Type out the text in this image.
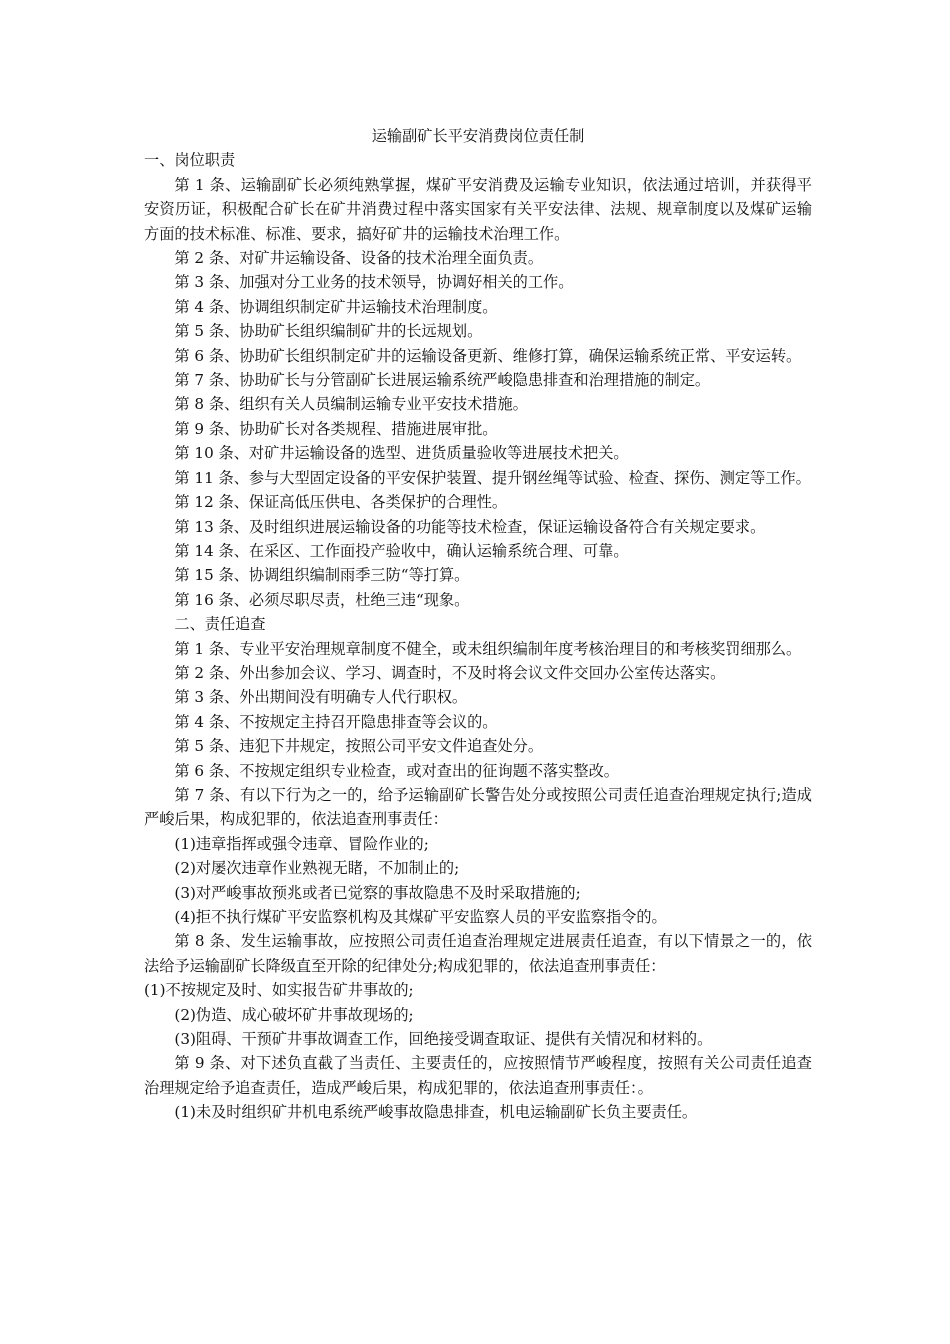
运输副矿长平安消费岗位责任制

一、岗位职责

第 1 条、运输副矿长必须纯熟掌握，煤矿平安消费及运输专业知识，依法通过培训，并获得平安资历证，积极配合矿长在矿井消费过程中落实国家有关平安法律、法规、规章制度以及煤矿运输方面的技术标准、标准、要求，搞好矿井的运输技术治理工作。

第 2 条、对矿井运输设备、设备的技术治理全面负责。

第 3 条、加强对分工业务的技术领导，协调好相关的工作。

第 4 条、协调组织制定矿井运输技术治理制度。

第 5 条、协助矿长组织编制矿井的长远规划。

第 6 条、协助矿长组织制定矿井的运输设备更新、维修打算，确保运输系统正常、平安运转。

第 7 条、协助矿长与分管副矿长进展运输系统严峻隐患排查和治理措施的制定。

第 8 条、组织有关人员编制运输专业平安技术措施。

第 9 条、协助矿长对各类规程、措施进展审批。

第 10 条、对矿井运输设备的选型、进货质量验收等进展技术把关。

第 11 条、参与大型固定设备的平安保护装置、提升钢丝绳等试验、检查、探伤、测定等工作。

第 12 条、保证高低压供电、各类保护的合理性。

第 13 条、及时组织进展运输设备的功能等技术检查，保证运输设备符合有关规定要求。

第 14 条、在采区、工作面投产验收中，确认运输系统合理、可靠。

第 15 条、协调组织编制雨季三防“等打算。

第 16 条、必须尽职尽责，杜绝三违“现象。

二、责任追查

第 1 条、专业平安治理规章制度不健全，或未组织编制年度考核治理目的和考核奖罚细那么。

第 2 条、外出参加会议、学习、调查时，不及时将会议文件交回办公室传达落实。

第 3 条、外出期间没有明确专人代行职权。

第 4 条、不按规定主持召开隐患排查等会议的。

第 5 条、违犯下井规定，按照公司平安文件追查处分。

第 6 条、不按规定组织专业检查，或对查出的征询题不落实整改。

第 7 条、有以下行为之一的，给予运输副矿长警告处分或按照公司责任追查治理规定执行;造成严峻后果，构成犯罪的，依法追查刑事责任：

(1)违章指挥或强令违章、冒险作业的;

(2)对屡次违章作业熟视无睹，不加制止的;

(3)对严峻事故预兆或者已觉察的事故隐患不及时采取措施的;

(4)拒不执行煤矿平安监察机构及其煤矿平安监察人员的平安监察指令的。

第 8 条、发生运输事故，应按照公司责任追查治理规定进展责任追查，有以下情景之一的，依法给予运输副矿长降级直至开除的纪律处分;构成犯罪的，依法追查刑事责任：

(1)不按规定及时、如实报告矿井事故的;

(2)伪造、成心破坏矿井事故现场的;

(3)阻碍、干预矿井事故调查工作，回绝接受调查取证、提供有关情况和材料的。

第 9 条、对下述负直截了当责任、主要责任的，应按照情节严峻程度，按照有关公司责任追查治理规定给予追查责任，造成严峻后果，构成犯罪的，依法追查刑事责任：。

(1)未及时组织矿井机电系统严峻事故隐患排查，机电运输副矿长负主要责任。
